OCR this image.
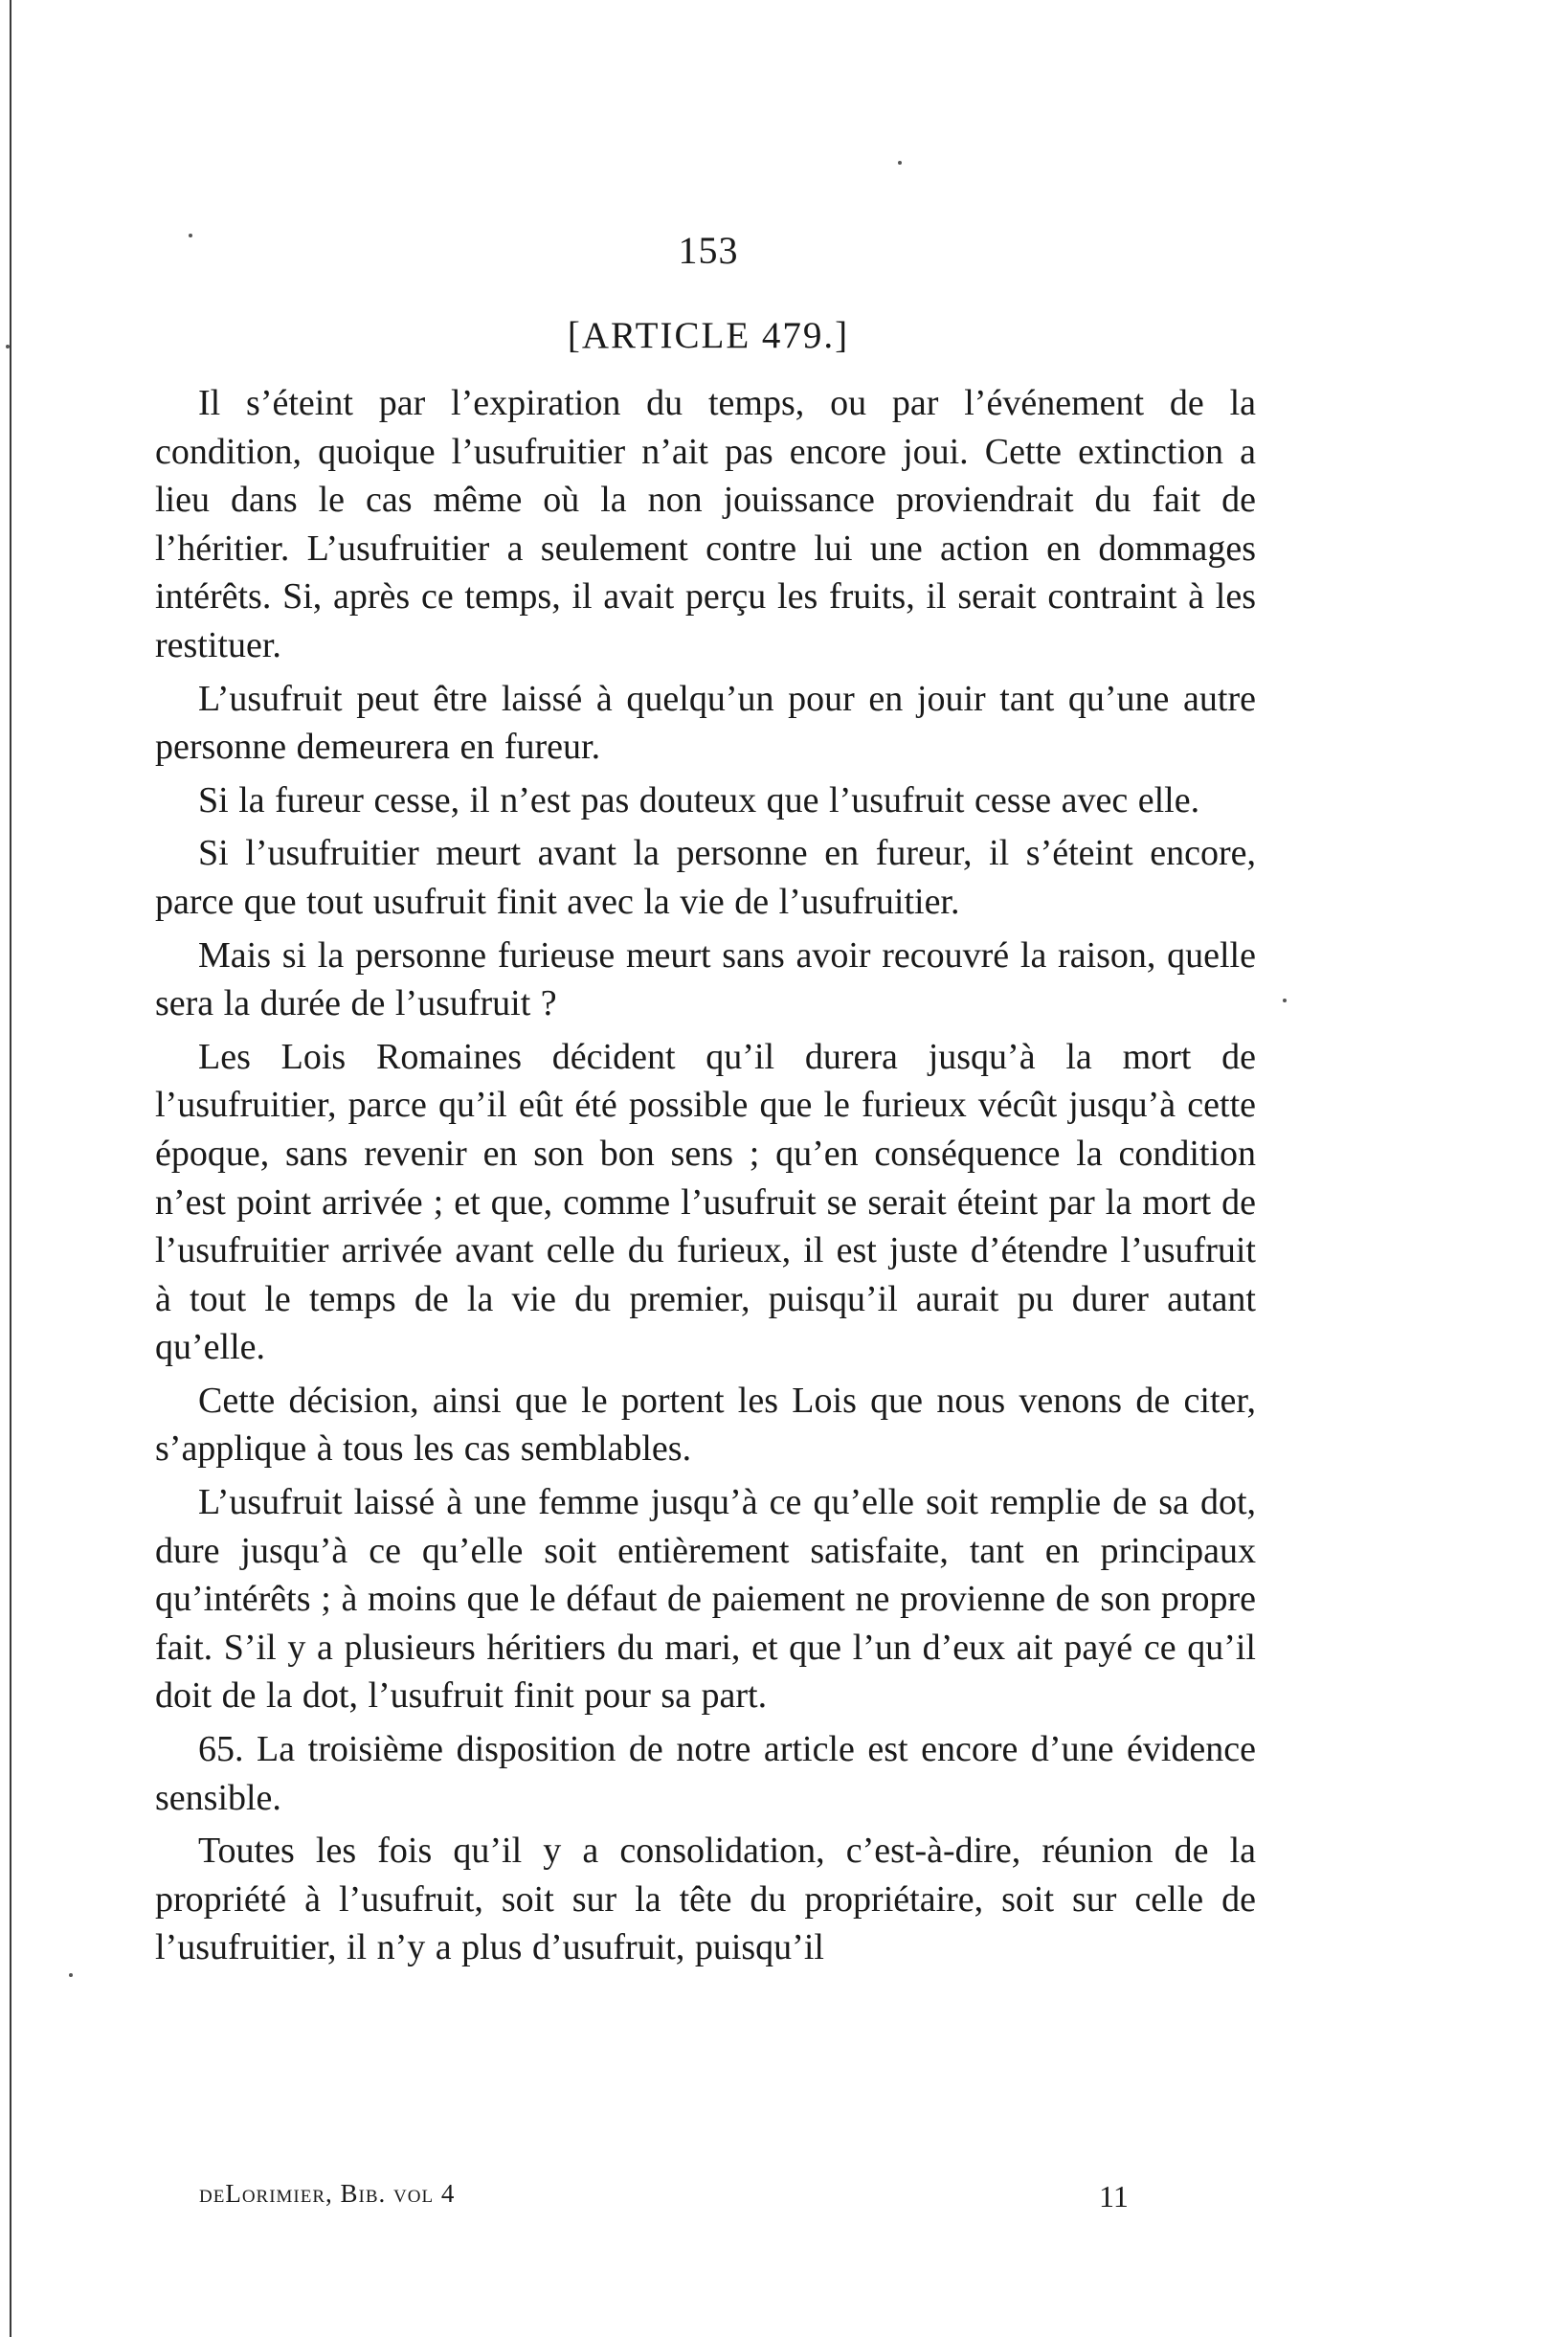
153
[ARTICLE 479.]

Il s’éteint par l’expiration du temps, ou par l’événement de la condition, quoique l’usufruitier n’ait pas encore joui. Cette extinction a lieu dans le cas même où la non jouissance proviendrait du fait de l’héritier. L’usufruitier a seulement contre lui une action en dommages intérêts. Si, après ce temps, il avait perçu les fruits, il serait contraint à les restituer.

L’usufruit peut être laissé à quelqu’un pour en jouir tant qu’une autre personne demeurera en fureur.

Si la fureur cesse, il n’est pas douteux que l’usufruit cesse avec elle.

Si l’usufruitier meurt avant la personne en fureur, il s’éteint encore, parce que tout usufruit finit avec la vie de l’usufruitier.

Mais si la personne furieuse meurt sans avoir recouvré la raison, quelle sera la durée de l’usufruit ?

Les Lois Romaines décident qu’il durera jusqu’à la mort de l’usufruitier, parce qu’il eût été possible que le furieux vécût jusqu’à cette époque, sans revenir en son bon sens ; qu’en conséquence la condition n’est point arrivée ; et que, comme l’usufruit se serait éteint par la mort de l’usufruitier arrivée avant celle du furieux, il est juste d’étendre l’usufruit à tout le temps de la vie du premier, puisqu’il aurait pu durer autant qu’elle.

Cette décision, ainsi que le portent les Lois que nous venons de citer, s’applique à tous les cas semblables.

L’usufruit laissé à une femme jusqu’à ce qu’elle soit remplie de sa dot, dure jusqu’à ce qu’elle soit entièrement satisfaite, tant en principaux qu’intérêts ; à moins que le défaut de paiement ne provienne de son propre fait. S’il y a plusieurs héritiers du mari, et que l’un d’eux ait payé ce qu’il doit de la dot, l’usufruit finit pour sa part.

65. La troisième disposition de notre article est encore d’une évidence sensible.

Toutes les fois qu’il y a consolidation, c’est-à-dire, réunion de la propriété à l’usufruit, soit sur la tête du propriétaire, soit sur celle de l’usufruitier, il n’y a plus d’usufruit, puisqu’il

deLorimier, Bib. vol 4	11
